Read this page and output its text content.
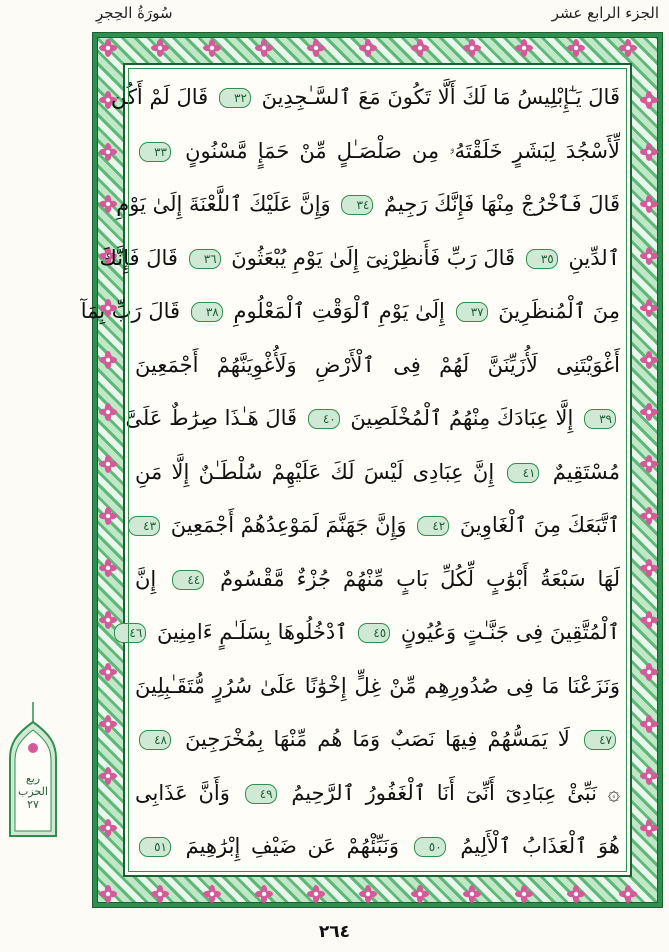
سُورَةُ الحِجرِ	الجزء الرابع عشر
قَالَ يَـٰٓإِبْلِيسُ مَا لَكَ أَلَّا تَكُونَ مَعَ ٱلسَّـٰجِدِينَ ٣٢ قَالَ لَمْ أَكُن
لِّأَسْجُدَ لِبَشَرٍ خَلَقْتَهُۥ مِن صَلْصَـٰلٍ مِّنْ حَمَإٍ مَّسْنُونٍ ٣٣
قَالَ فَٱخْرُجْ مِنْهَا فَإِنَّكَ رَجِيمٌ ٣٤ وَإِنَّ عَلَيْكَ ٱللَّعْنَةَ إِلَىٰ يَوْمِ
ٱلدِّينِ ٣٥ قَالَ رَبِّ فَأَنظِرْنِىٓ إِلَىٰ يَوْمِ يُبْعَثُونَ ٣٦ قَالَ فَإِنَّكَ
مِنَ ٱلْمُنظَرِينَ ٣٧ إِلَىٰ يَوْمِ ٱلْوَقْتِ ٱلْمَعْلُومِ ٣٨ قَالَ رَبِّ بِمَآ
أَغْوَيْتَنِى لَأُزَيِّنَنَّ لَهُمْ فِى ٱلْأَرْضِ وَلَأُغْوِيَنَّهُمْ أَجْمَعِينَ
٣٩ إِلَّا عِبَادَكَ مِنْهُمُ ٱلْمُخْلَصِينَ ٤٠ قَالَ هَـٰذَا صِرَٰطٌ عَلَىَّ
مُسْتَقِيمٌ ٤١ إِنَّ عِبَادِى لَيْسَ لَكَ عَلَيْهِمْ سُلْطَـٰنٌ إِلَّا مَنِ
ٱتَّبَعَكَ مِنَ ٱلْغَاوِينَ ٤٢ وَإِنَّ جَهَنَّمَ لَمَوْعِدُهُمْ أَجْمَعِينَ ٤٣
لَهَا سَبْعَةُ أَبْوَٰبٍ لِّكُلِّ بَابٍ مِّنْهُمْ جُزْءٌ مَّقْسُومٌ ٤٤ إِنَّ
ٱلْمُتَّقِينَ فِى جَنَّـٰتٍ وَعُيُونٍ ٤٥ ٱدْخُلُوهَا بِسَلَـٰمٍ ءَامِنِينَ ٤٦
وَنَزَعْنَا مَا فِى صُدُورِهِم مِّنْ غِلٍّ إِخْوَٰنًا عَلَىٰ سُرُرٍ مُّتَقَـٰبِلِينَ
٤٧ لَا يَمَسُّهُمْ فِيهَا نَصَبٌ وَمَا هُم مِّنْهَا بِمُخْرَجِينَ ٤٨
۞ نَبِّئْ عِبَادِىٓ أَنِّىٓ أَنَا ٱلْغَفُورُ ٱلرَّحِيمُ ٤٩ وَأَنَّ عَذَابِى
هُوَ ٱلْعَذَابُ ٱلْأَلِيمُ ٥٠ وَنَبِّئْهُمْ عَن ضَيْفِ إِبْرَٰهِيمَ ٥١
ربع
الحزب
٢٧
٢٦٤
